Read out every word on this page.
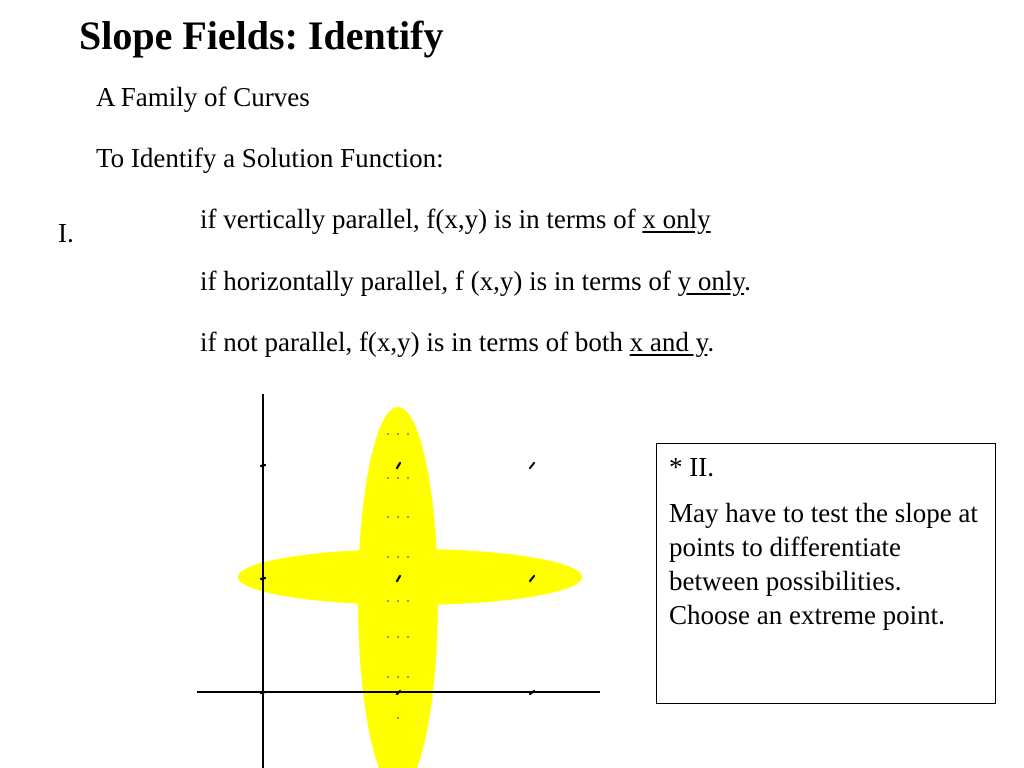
Slope Fields: Identify
A Family of Curves
To Identify a Solution Function:
I.	if vertically parallel, f(x,y) is in terms of x only
if horizontally parallel, f (x,y) is in terms of y only.
if not parallel, f(x,y) is in terms of both x and y.

* II.

May have to test the slope at points to differentiate between possibilities. Choose an extreme point.
